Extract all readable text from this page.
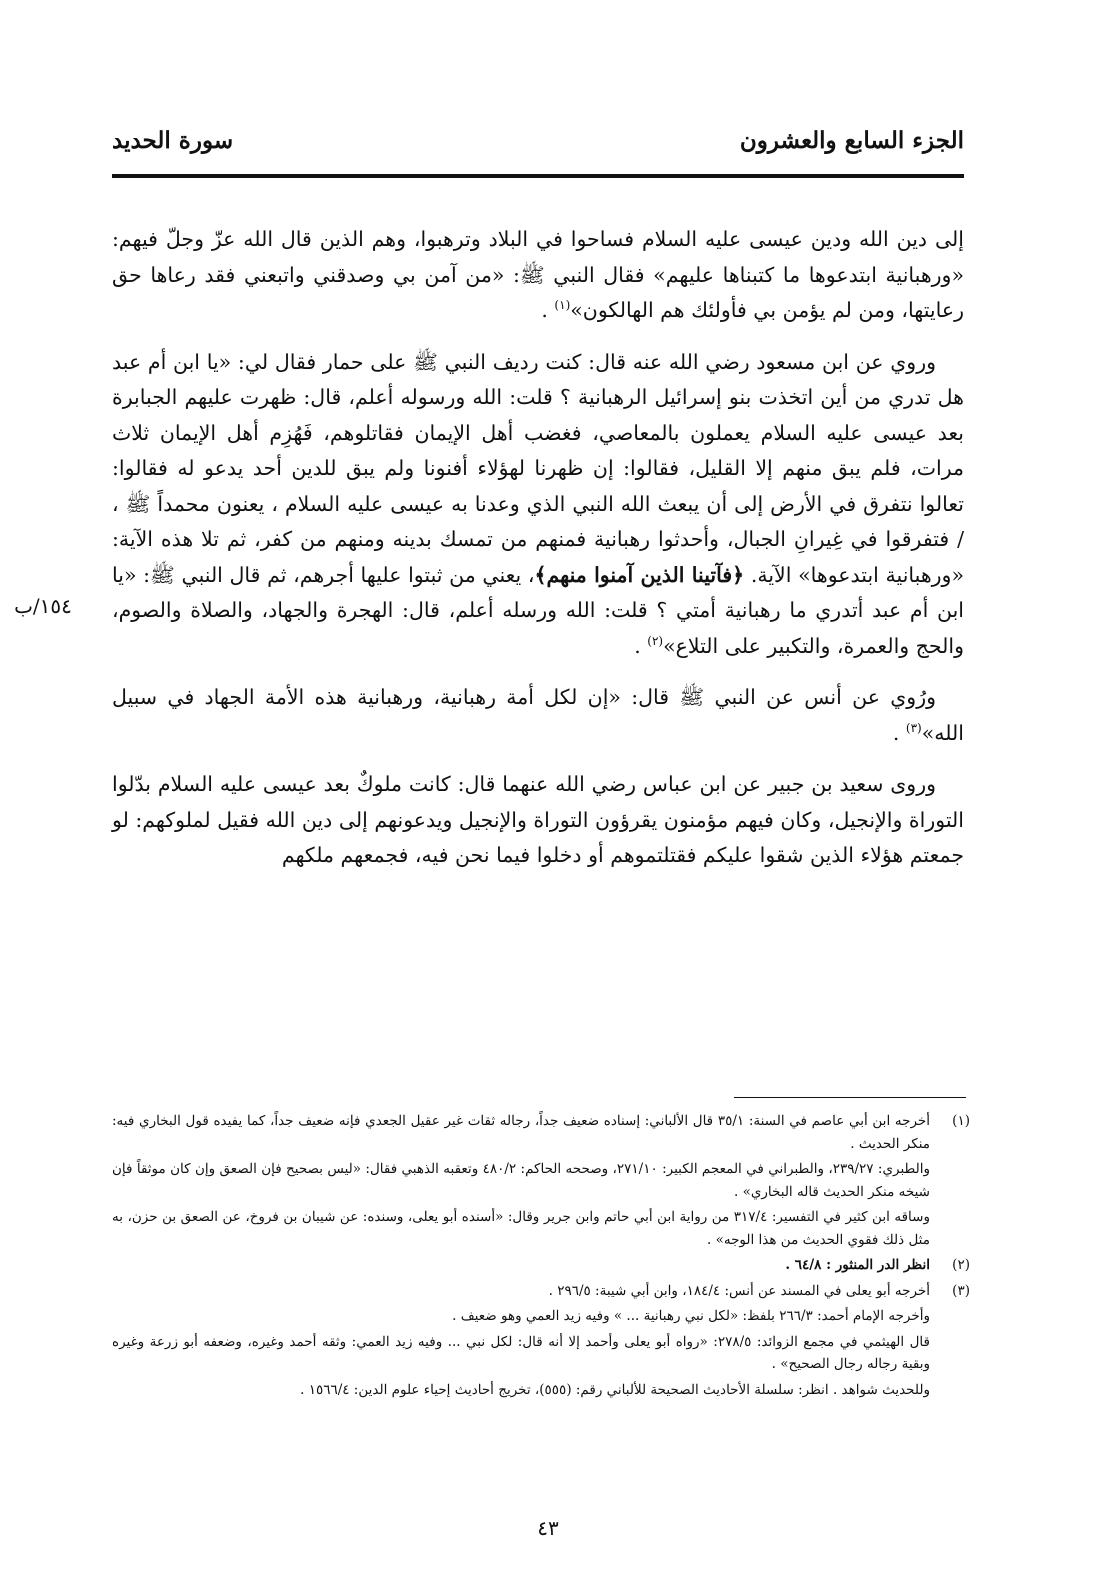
سورة الحديد	الجزء السابع والعشرون
١٥٤/ب

إلى دين الله ودين عيسى عليه السلام فساحوا في البلاد وترهبوا، وهم الذين قال الله عزّ وجلّ فيهم: «ورهبانية ابتدعوها ما كتبناها عليهم» فقال النبي ﷺ: «من آمن بي وصدقني واتبعني فقد رعاها حق رعايتها، ومن لم يؤمن بي فأولئك هم الهالكون»$^{(١)}$ .

وروي عن ابن مسعود رضي الله عنه قال: كنت رديف النبي ﷺ على حمار فقال لي: «يا ابن أم عبد هل تدري من أين اتخذت بنو إسرائيل الرهبانية ؟ قلت: الله ورسوله أعلم، قال: ظهرت عليهم الجبابرة بعد عيسى عليه السلام يعملون بالمعاصي، فغضب أهل الإيمان فقاتلوهم، فَهُزِم أهل الإيمان ثلاث مرات، فلم يبق منهم إلا القليل، فقالوا: إن ظهرنا لهؤلاء أفنونا ولم يبق للدين أحد يدعو له فقالوا: تعالوا نتفرق في الأرض إلى أن يبعث الله النبي الذي وعدنا به عيسى عليه السلام ، يعنون محمداً ﷺ ، / فتفرقوا في غِيرانِ الجبال، وأحدثوا رهبانية فمنهم من تمسك بدينه ومنهم من كفر، ثم تلا هذه الآية: «ورهبانية ابتدعوها» الآية. ﴿فآتينا الذين آمنوا منهم﴾، يعني من ثبتوا عليها أجرهم، ثم قال النبي ﷺ: «يا ابن أم عبد أتدري ما رهبانية أمتي ؟ قلت: الله ورسله أعلم، قال: الهجرة والجهاد، والصلاة والصوم، والحج والعمرة، والتكبير على التلاع»$^{(٢)}$ .

ورُوي عن أنس عن النبي ﷺ قال: «إن لكل أمة رهبانية، ورهبانية هذه الأمة الجهاد في سبيل الله»$^{(٣)}$ .

وروى سعيد بن جبير عن ابن عباس رضي الله عنهما قال: كانت ملوكٌ بعد عيسى عليه السلام بدّلوا التوراة والإنجيل، وكان فيهم مؤمنون يقرؤون التوراة والإنجيل ويدعونهم إلى دين الله فقيل لملوكهم: لو جمعتم هؤلاء الذين شقوا عليكم فقتلتموهم أو دخلوا فيما نحن فيه، فجمعهم ملكهم

(١)
أخرجه ابن أبي عاصم في السنة: ٣٥/١ قال الألباني: إسناده ضعيف جداً، رجاله ثقات غير عقيل الجعدي فإنه ضعيف جداً، كما يفيده قول البخاري فيه: منكر الحديث .
والطبري: ٢٣٩/٢٧، والطبراني في المعجم الكبير: ٢٧١/١٠، وصححه الحاكم: ٤٨٠/٢ وتعقبه الذهبي فقال: «ليس بصحيح فإن الصعق وإن كان موثقاً فإن شيخه منكر الحديث قاله البخاري» .
وساقه ابن كثير في التفسير: ٣١٧/٤ من رواية ابن أبي حاتم وابن جرير وقال: «أسنده أبو يعلى، وسنده: عن شيبان بن فروخ، عن الصعق بن حزن، به مثل ذلك فقوي الحديث من هذا الوجه» .
(٢)
انظر الدر المنثور : ٦٤/٨ .
(٣)
أخرجه أبو يعلى في المسند عن أنس: ١٨٤/٤، وابن أبي شيبة: ٢٩٦/٥ .
وأخرجه الإمام أحمد: ٢٦٦/٣ بلفظ: «لكل نبي رهبانية ... » وفيه زيد العمي وهو ضعيف .
قال الهيثمي في مجمع الزوائد: ٢٧٨/٥: «رواه أبو يعلى وأحمد إلا أنه قال: لكل نبي ... وفيه زيد العمي: وثقه أحمد وغيره، وضعفه أبو زرعة وغيره وبقية رجاله رجال الصحيح» .
وللحديث شواهد . انظر: سلسلة الأحاديث الصحيحة للألباني رقم: (٥٥٥)، تخريج أحاديث إحياء علوم الدين: ١٥٦٦/٤ .
٤٣
